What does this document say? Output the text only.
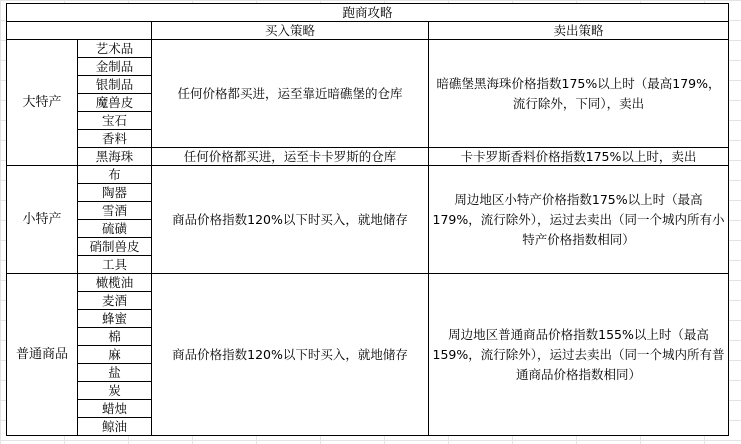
跑商攻略			
		买入策略	卖出策略
大特产	艺术品	任何价格都买进，运至靠近暗礁堡的仓库	暗礁堡黑海珠价格指数175%以上时（最高179%，流行除外，下同），卖出
	金制品		
	银制品		
	魔兽皮		
	宝石		
	香料		
	黑海珠	任何价格都买进，运至卡卡罗斯的仓库	卡卡罗斯香料价格指数175%以上时，卖出
小特产	布	商品价格指数120%以下时买入，就地储存	周边地区小特产价格指数175%以上时（最高179%，流行除外），运过去卖出（同一个城内所有小特产价格指数相同）
	陶器		
	雪酒		
	硫磺		
	硝制兽皮		
	工具		
普通商品	橄榄油	商品价格指数120%以下时买入，就地储存	周边地区普通商品价格指数155%以上时（最高159%，流行除外），运过去卖出（同一个城内所有普通商品价格指数相同）
	麦酒		
	蜂蜜		
	棉		
	麻		
	盐		
	炭		
	蜡烛		
	鲸油		
